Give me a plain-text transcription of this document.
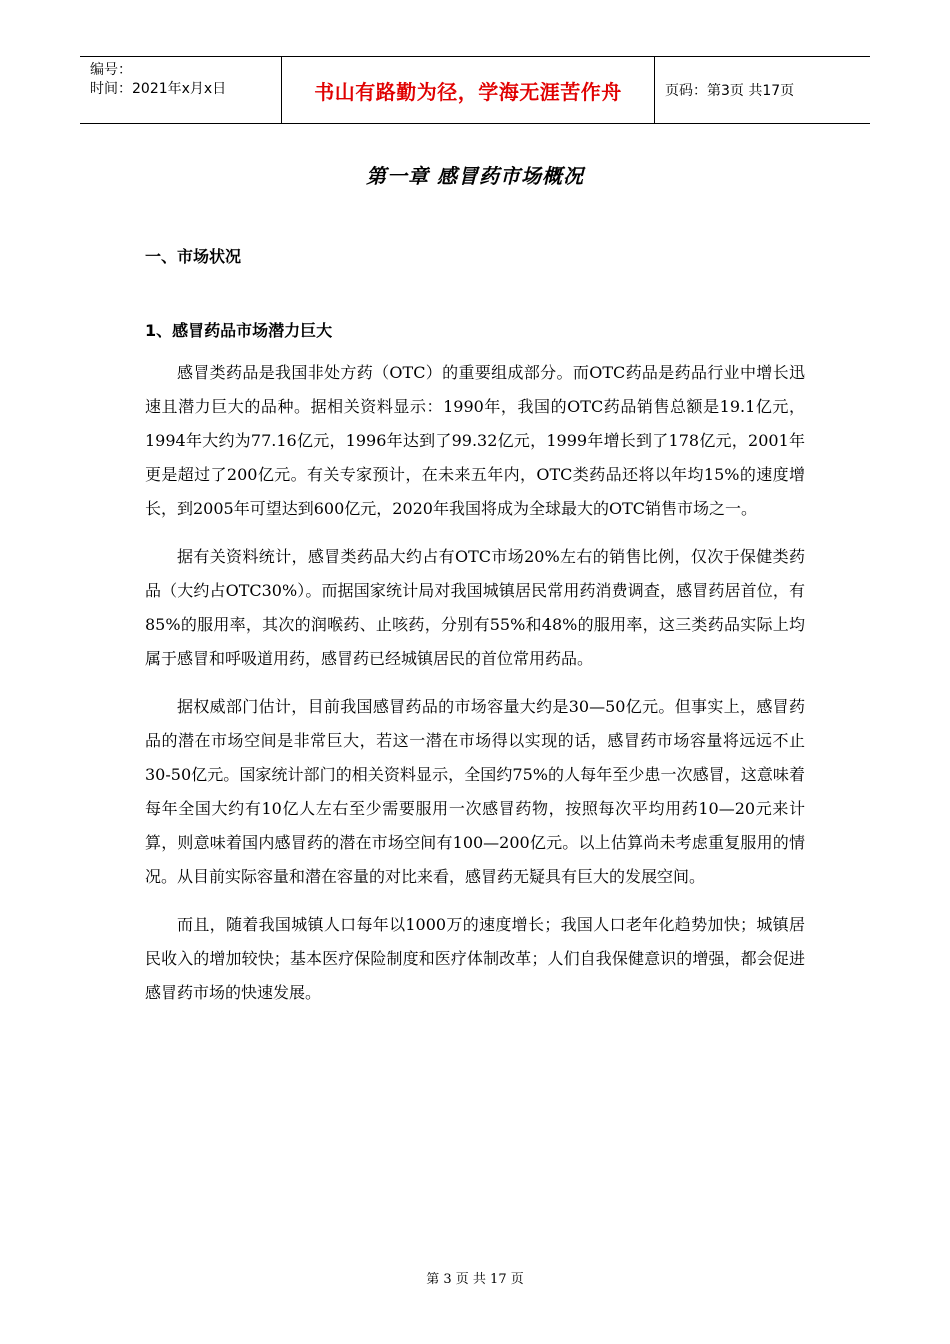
编号：
时间：2021年x月x日	书山有路勤为径，学海无涯苦作舟	页码：第3页 共17页
第一章 感冒药市场概况
一、市场状况
1、感冒药品市场潜力巨大

感冒类药品是我国非处方药（OTC）的重要组成部分。而OTC药品是药品行业中增长迅速且潜力巨大的品种。据相关资料显示：1990年，我国的OTC药品销售总额是19.1亿元，1994年大约为77.16亿元，1996年达到了99.32亿元，1999年增长到了178亿元，2001年更是超过了200亿元。有关专家预计，在未来五年内，OTC类药品还将以年均15%的速度增长，到2005年可望达到600亿元，2020年我国将成为全球最大的OTC销售市场之一。

据有关资料统计，感冒类药品大约占有OTC市场20%左右的销售比例，仅次于保健类药品（大约占OTC30%）。而据国家统计局对我国城镇居民常用药消费调查，感冒药居首位，有85%的服用率，其次的润喉药、止咳药，分别有55%和48%的服用率，这三类药品实际上均属于感冒和呼吸道用药，感冒药已经城镇居民的首位常用药品。

据权威部门估计，目前我国感冒药品的市场容量大约是30—50亿元。但事实上，感冒药品的潜在市场空间是非常巨大，若这一潜在市场得以实现的话，感冒药市场容量将远远不止30-50亿元。国家统计部门的相关资料显示，全国约75%的人每年至少患一次感冒，这意味着每年全国大约有10亿人左右至少需要服用一次感冒药物，按照每次平均用药10—20元来计算，则意味着国内感冒药的潜在市场空间有100—200亿元。以上估算尚未考虑重复服用的情况。从目前实际容量和潜在容量的对比来看，感冒药无疑具有巨大的发展空间。

而且，随着我国城镇人口每年以1000万的速度增长；我国人口老年化趋势加快；城镇居民收入的增加较快；基本医疗保险制度和医疗体制改革；人们自我保健意识的增强，都会促进感冒药市场的快速发展。

第 3 页 共 17 页
